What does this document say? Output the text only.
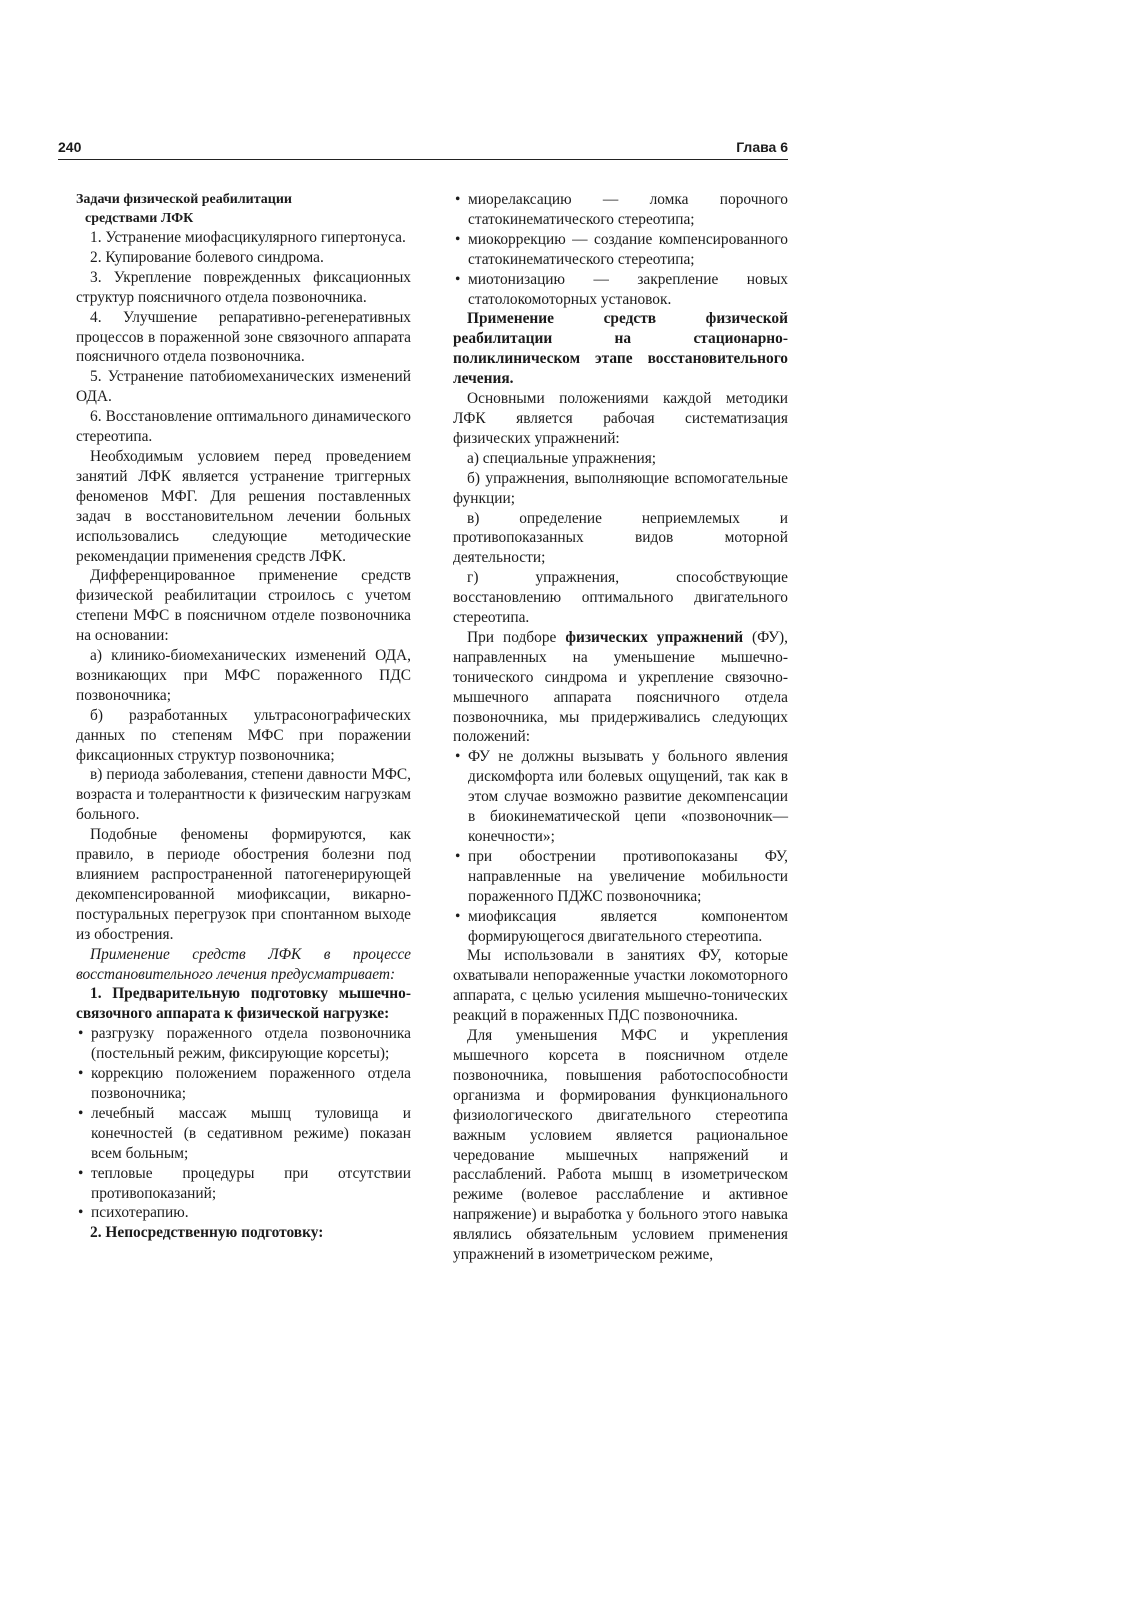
240	Глава 6

Задачи физической реабилитации
средствами ЛФК

1. Устранение миофасцикулярного гипертонуса.

2. Купирование болевого синдрома.

3. Укрепление поврежденных фиксационных структур поясничного отдела позвоночника.

4. Улучшение репаративно-регенеративных процессов в пораженной зоне связочного аппарата поясничного отдела позвоночника.

5. Устранение патобиомеханических изменений ОДА.

6. Восстановление оптимального динамического стереотипа.

Необходимым условием перед проведением занятий ЛФК является устранение триггерных феноменов МФГ. Для решения поставленных задач в восстановительном лечении больных использовались следующие методические рекомендации применения средств ЛФК.

Дифференцированное применение средств физической реабилитации строилось с учетом степени МФС в поясничном отделе позвоночника на основании:

а) клинико-биомеханических изменений ОДА, возникающих при МФС пораженного ПДС позвоночника;

б) разработанных ультрасонографических данных по степеням МФС при поражении фиксационных структур позвоночника;

в) периода заболевания, степени давности МФС, возраста и толерантности к физическим нагрузкам больного.

Подобные феномены формируются, как правило, в периоде обострения болезни под влиянием распространенной патогенерирующей декомпенсированной миофиксации, викарно-постуральных перегрузок при спонтанном выходе из обострения.

Применение средств ЛФК в процессе восстановительного лечения предусматривает:

1. Предварительную подготовку мышечно-связочного аппарата к физической нагрузке:

• разгрузку пораженного отдела позвоночника (постельный режим, фиксирующие корсеты);

• коррекцию положением пораженного отдела позвоночника;

• лечебный массаж мышц туловища и конечностей (в седативном режиме) показан всем больным;

• тепловые процедуры при отсутствии противопоказаний;

• психотерапию.

2. Непосредственную подготовку:

• миорелаксацию — ломка порочного статокинематического стереотипа;

• миокоррекцию — создание компенсированного статокинематического стереотипа;

• миотонизацию — закрепление новых статолокомоторных установок.

Применение средств физической реабилитации на стационарно-поликлиническом этапе восстановительного лечения.

Основными положениями каждой методики ЛФК является рабочая систематизация физических упражнений:

а) специальные упражнения;

б) упражнения, выполняющие вспомогательные функции;

в) определение неприемлемых и противопоказанных видов моторной деятельности;

г) упражнения, способствующие восстановлению оптимального двигательного стереотипа.

При подборе физических упражнений (ФУ), направленных на уменьшение мышечно-тонического синдрома и укрепление связочно-мышечного аппарата поясничного отдела позвоночника, мы придерживались следующих положений:

• ФУ не должны вызывать у больного явления дискомфорта или болевых ощущений, так как в этом случае возможно развитие декомпенсации в биокинематической цепи «позвоночник—конечности»;

• при обострении противопоказаны ФУ, направленные на увеличение мобильности пораженного ПДЖС позвоночника;

• миофиксация является компонентом формирующегося двигательного стереотипа.

Мы использовали в занятиях ФУ, которые охватывали непораженные участки локомоторного аппарата, с целью усиления мышечно-тонических реакций в пораженных ПДС позвоночника.

Для уменьшения МФС и укрепления мышечного корсета в поясничном отделе позвоночника, повышения работоспособности организма и формирования функционального физиологического двигательного стереотипа важным условием является рациональное чередование мышечных напряжений и расслаблений. Работа мышц в изометрическом режиме (волевое расслабление и активное напряжение) и выработка у больного этого навыка являлись обязательным условием применения упражнений в изометрическом режиме,
